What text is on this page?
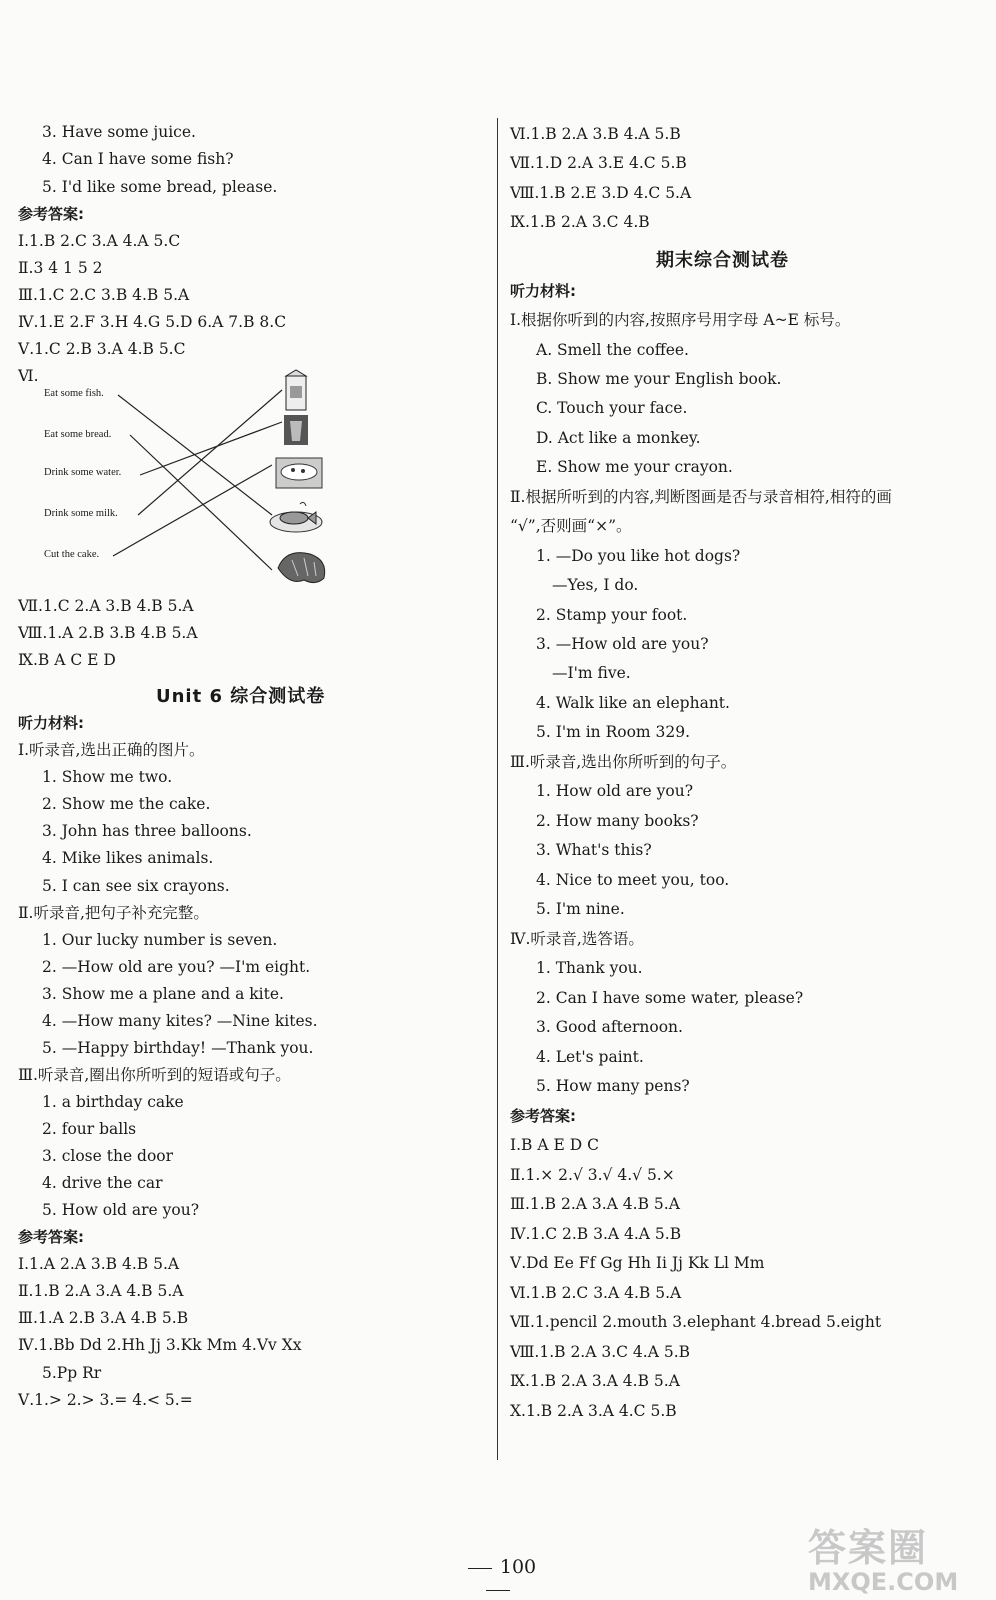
3. Have some juice.
4. Can I have some fish?
5. I'd like some bread, please.
参考答案:
Ⅰ.1.B 2.C 3.A 4.A 5.C
Ⅱ.3 4 1 5 2
Ⅲ.1.C 2.C 3.B 4.B 5.A
Ⅳ.1.E 2.F 3.H 4.G 5.D 6.A 7.B 8.C
Ⅴ.1.C 2.B 3.A 4.B 5.C
Ⅵ.
Eat some fish.
Eat some bread.
Drink some water.
Drink some milk.
Cut the cake.
Ⅶ.1.C 2.A 3.B 4.B 5.A
Ⅷ.1.A 2.B 3.B 4.B 5.A
Ⅸ.B A C E D
Unit 6 综合测试卷
听力材料:
Ⅰ.听录音,选出正确的图片。
1. Show me two.
2. Show me the cake.
3. John has three balloons.
4. Mike likes animals.
5. I can see six crayons.
Ⅱ.听录音,把句子补充完整。
1. Our lucky number is seven.
2. —How old are you? —I'm eight.
3. Show me a plane and a kite.
4. —How many kites? —Nine kites.
5. —Happy birthday! —Thank you.
Ⅲ.听录音,圈出你所听到的短语或句子。
1. a birthday cake
2. four balls
3. close the door
4. drive the car
5. How old are you?
参考答案:
Ⅰ.1.A 2.A 3.B 4.B 5.A
Ⅱ.1.B 2.A 3.A 4.B 5.A
Ⅲ.1.A 2.B 3.A 4.B 5.B
Ⅳ.1.Bb Dd 2.Hh Jj 3.Kk Mm 4.Vv Xx
5.Pp Rr
Ⅴ.1.> 2.> 3.= 4.< 5.=
Ⅵ.1.B 2.A 3.B 4.A 5.B
Ⅶ.1.D 2.A 3.E 4.C 5.B
Ⅷ.1.B 2.E 3.D 4.C 5.A
Ⅸ.1.B 2.A 3.C 4.B
期末综合测试卷
听力材料:
Ⅰ.根据你听到的内容,按照序号用字母 A~E 标号。
A. Smell the coffee.
B. Show me your English book.
C. Touch your face.
D. Act like a monkey.
E. Show me your crayon.
Ⅱ.根据所听到的内容,判断图画是否与录音相符,相符的画
“√”,否则画“×”。
1. —Do you like hot dogs?
—Yes, I do.
2. Stamp your foot.
3. —How old are you?
—I'm five.
4. Walk like an elephant.
5. I'm in Room 329.
Ⅲ.听录音,选出你所听到的句子。
1. How old are you?
2. How many books?
3. What's this?
4. Nice to meet you, too.
5. I'm nine.
Ⅳ.听录音,选答语。
1. Thank you.
2. Can I have some water, please?
3. Good afternoon.
4. Let's paint.
5. How many pens?
参考答案:
Ⅰ.B A E D C
Ⅱ.1.× 2.√ 3.√ 4.√ 5.×
Ⅲ.1.B 2.A 3.A 4.B 5.A
Ⅳ.1.C 2.B 3.A 4.A 5.B
Ⅴ.Dd Ee Ff Gg Hh Ii Jj Kk Ll Mm
Ⅵ.1.B 2.C 3.A 4.B 5.A
Ⅶ.1.pencil 2.mouth 3.elephant 4.bread 5.eight
Ⅷ.1.B 2.A 3.C 4.A 5.B
Ⅸ.1.B 2.A 3.A 4.B 5.A
Ⅹ.1.B 2.A 3.A 4.C 5.B
100	答案圈
MXQE.COM
